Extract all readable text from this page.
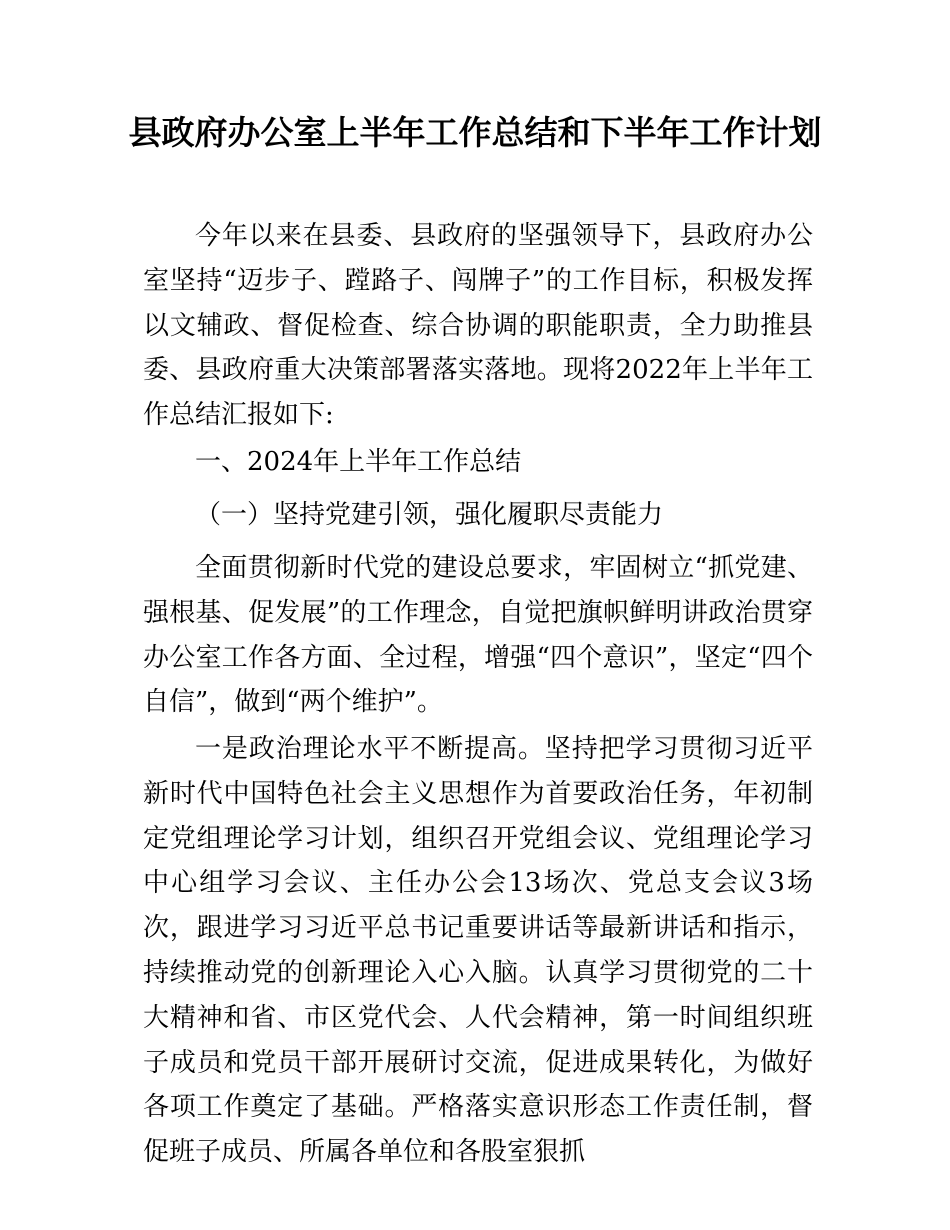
县政府办公室上半年工作总结和下半年工作计划

今年以来在县委、县政府的坚强领导下，县政府办公室坚持“迈步子、蹚路子、闯牌子”的工作目标，积极发挥以文辅政、督促检查、综合协调的职能职责，全力助推县委、县政府重大决策部署落实落地。现将2022年上半年工作总结汇报如下:

一、2024年上半年工作总结

（一）坚持党建引领，强化履职尽责能力

全面贯彻新时代党的建设总要求，牢固树立“抓党建、强根基、促发展”的工作理念，自觉把旗帜鲜明讲政治贯穿办公室工作各方面、全过程，增强“四个意识”，坚定“四个自信”，做到“两个维护”。

一是政治理论水平不断提高。坚持把学习贯彻习近平新时代中国特色社会主义思想作为首要政治任务，年初制定党组理论学习计划，组织召开党组会议、党组理论学习中心组学习会议、主任办公会13场次、党总支会议3场次，跟进学习习近平总书记重要讲话等最新讲话和指示，持续推动党的创新理论入心入脑。认真学习贯彻党的二十大精神和省、市区党代会、人代会精神，第一时间组织班子成员和党员干部开展研讨交流，促进成果转化，为做好各项工作奠定了基础。严格落实意识形态工作责任制，督促班子成员、所属各单位和各股室狠抓
